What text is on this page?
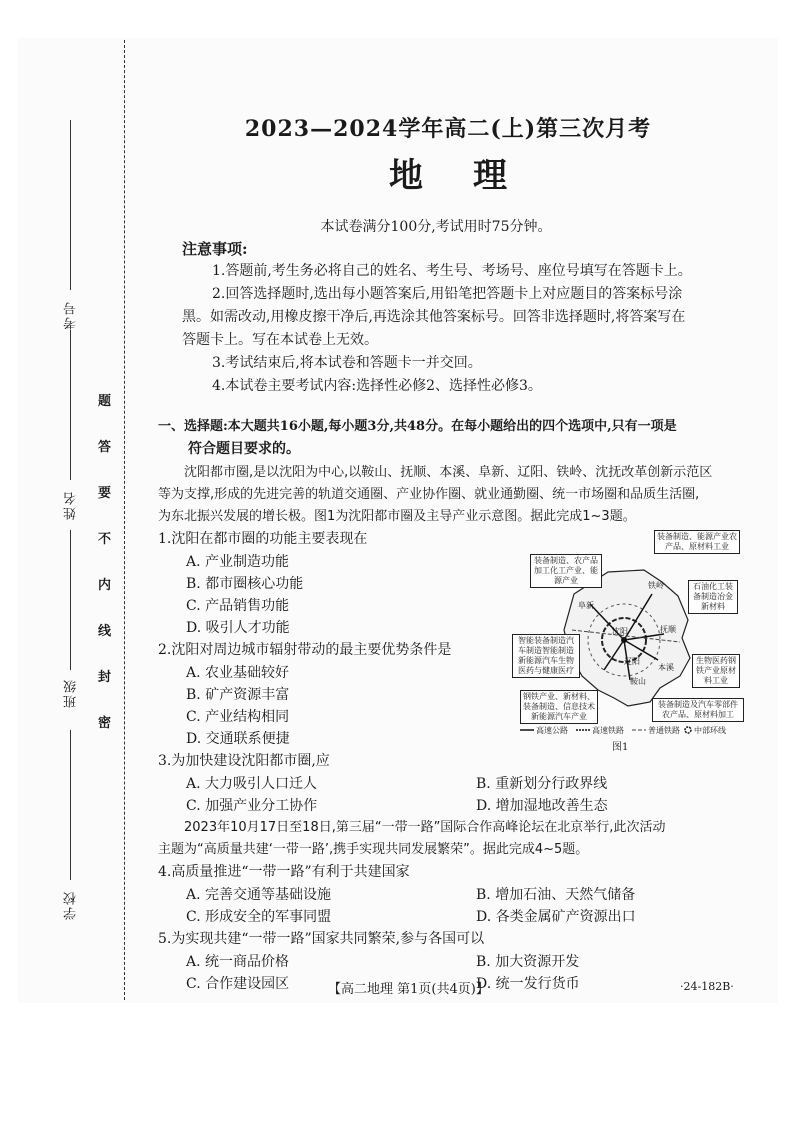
考号
姓名
班级
学校
题
答
要
不
内
线
封
密
2023—2024学年高二(上)第三次月考
地理
本试卷满分100分,考试用时75分钟。
注意事项:
1.答题前,考生务必将自己的姓名、考生号、考场号、座位号填写在答题卡上。
2.回答选择题时,选出每小题答案后,用铅笔把答题卡上对应题目的答案标号涂
黑。如需改动,用橡皮擦干净后,再选涂其他答案标号。回答非选择题时,将答案写在
答题卡上。写在本试卷上无效。
3.考试结束后,将本试卷和答题卡一并交回。
4.本试卷主要考试内容:选择性必修2、选择性必修3。
一、选择题:本大题共16小题,每小题3分,共48分。在每小题给出的四个选项中,只有一项是
符合题目要求的。
沈阳都市圈,是以沈阳为中心,以鞍山、抚顺、本溪、阜新、辽阳、铁岭、沈抚改革创新示范区
等为支撑,形成的先进完善的轨道交通圈、产业协作圈、就业通勤圈、统一市场圈和品质生活圈,
为东北振兴发展的增长极。图1为沈阳都市圈及主导产业示意图。据此完成1~3题。
1.沈阳在都市圈的功能主要表现在
A. 产业制造功能
B. 都市圈核心功能
C. 产品销售功能
D. 吸引人才功能
2.沈阳对周边城市辐射带动的最主要优势条件是
A. 农业基础较好
B. 矿产资源丰富
C. 产业结构相同
D. 交通联系便捷
3.为加快建设沈阳都市圈,应
A. 大力吸引人口迁人	B. 重新划分行政界线
C. 加强产业分工协作	D. 增加湿地改善生态
2023年10月17日至18日,第三届“一带一路”国际合作高峰论坛在北京举行,此次活动
主题为“高质量共建‘一带一路’,携手实现共同发展繁荣”。据此完成4~5题。
4.高质量推进“一带一路”有利于共建国家
A. 完善交通等基础设施	B. 增加石油、天然气储备
C. 形成安全的军事同盟	D. 各类金属矿产资源出口
5.为实现共建“一带一路”国家共同繁荣,参与各国可以
A. 统一商品价格	B. 加大资源开发
C. 合作建设园区	D. 统一发行货币
装备制造、农产品加工化工产业、能源产业
装备制造、能源产业农产品、原材料工业
石油化工装备制造冶金新材料
智能装备制造汽车制造智能制造新能源汽车生物医药与健康医疗
生物医药钢铁产业原材料工业
钢铁产业、新材料、装备制造、信息技术新能源汽车产业
装备制造及汽车零部件农产品、原材料加工
阜新
铁岭
沈阳	抚顺
本溪
辽阳
鞍山
高速公路	高速铁路	普通铁路 中部环线
图1
【高二地理 第1页(共4页)】	·24-182B·
